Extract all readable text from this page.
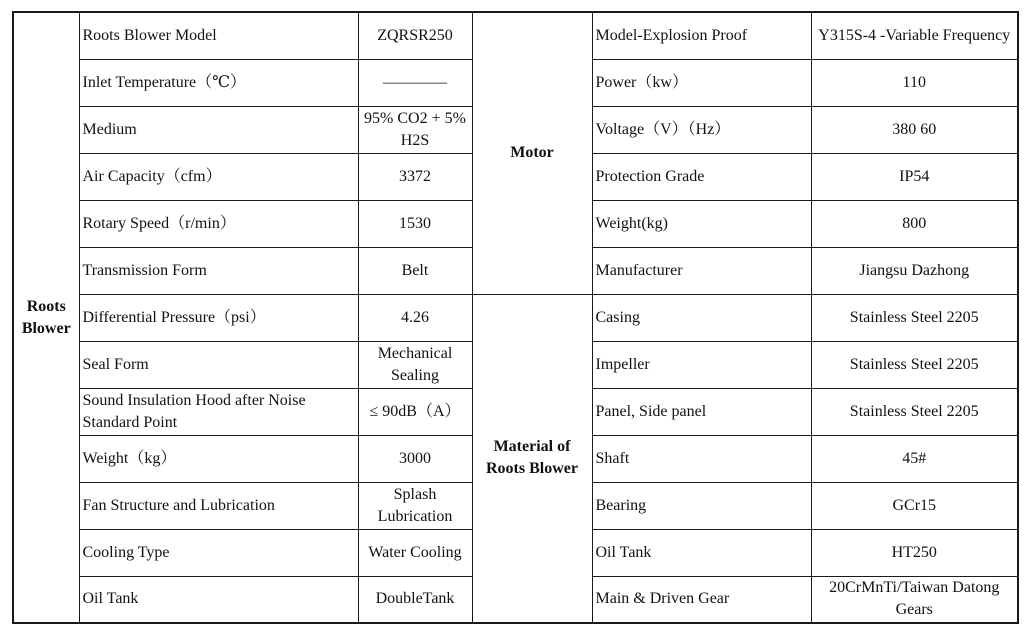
Roots Blower	Roots Blower Model	ZQRSR250	Motor	Model-Explosion Proof	Y315S-4 -Variable Frequency
	Inlet Temperature（℃）	————		Power（kw）	110
	Medium	95% CO2 + 5% H2S		Voltage（V）（Hz）	380 60
	Air Capacity（cfm）	3372		Protection Grade	IP54
	Rotary Speed（r/min）	1530		Weight(kg)	800
	Transmission Form	Belt		Manufacturer	Jiangsu Dazhong
	Differential Pressure（psi）	4.26	Material of Roots Blower	Casing	Stainless Steel 2205
	Seal Form	Mechanical Sealing		Impeller	Stainless Steel 2205
	Sound Insulation Hood after Noise Standard Point	≤ 90dB（A）		Panel, Side panel	Stainless Steel 2205
	Weight（kg）	3000		Shaft	45#
	Fan Structure and Lubrication	Splash Lubrication		Bearing	GCr15
	Cooling Type	Water Cooling		Oil Tank	HT250
	Oil Tank	DoubleTank		Main & Driven Gear	20CrMnTi/Taiwan Datong Gears
